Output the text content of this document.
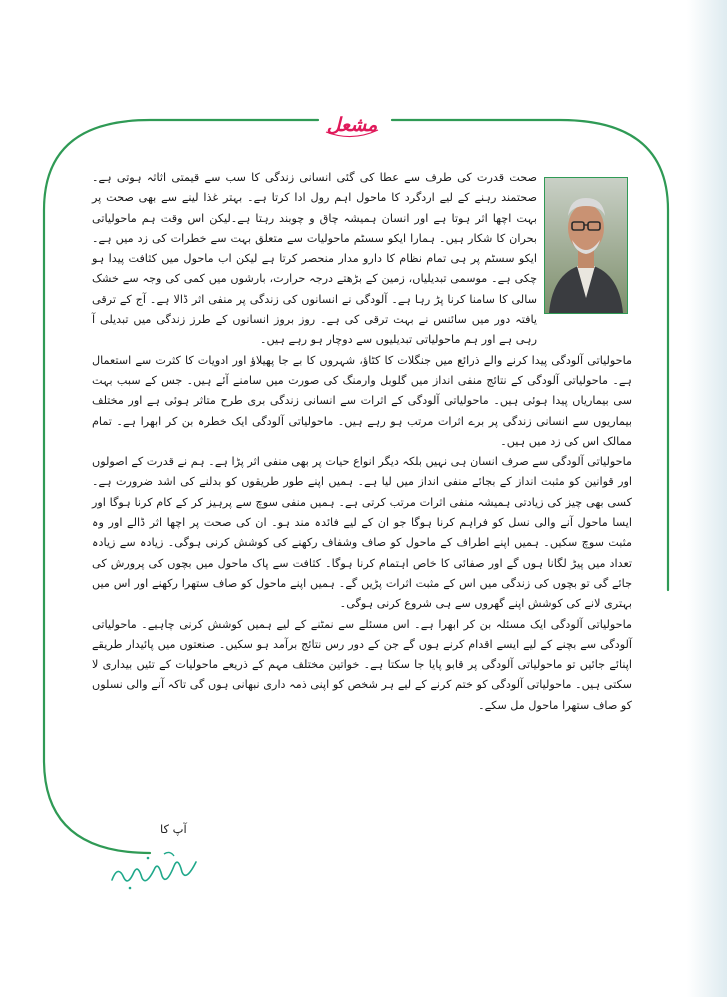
مشعل

صحت قدرت کی طرف سے عطا کی گئی انسانی زندگی کا سب سے قیمتی اثاثہ ہوتی ہے۔صحتمند رہنے کے لیے اردگرد کا ماحول اہم رول ادا کرتا ہے۔ بہتر غذا لینے سے بھی صحت پر بہت اچھا اثر ہوتا ہے اور انسان ہمیشہ چاق و چوبند رہتا ہے۔لیکن اس وقت ہم ماحولیاتی بحران کا شکار ہیں۔ ہمارا ایکو سسٹم ماحولیات سے متعلق بہت سے خطرات کی زد میں ہے۔ ایکو سسٹم پر ہی تمام نظام کا دارو مدار منحصر کرتا ہے لیکن اب ماحول میں کثافت پیدا ہو چکی ہے۔ موسمی تبدیلیاں، زمین کے بڑھتے درجہ حرارت، بارشوں میں کمی کی وجہ سے خشک سالی کا سامنا کرنا پڑ رہا ہے۔ آلودگی نے انسانوں کی زندگی پر منفی اثر ڈالا ہے۔ آج کے ترقی یافتہ دور میں سائنس نے بہت ترقی کی ہے۔ روز بروز انسانوں کے طرز زندگی میں تبدیلی آ رہی ہے اور ہم ماحولیاتی تبدیلیوں سے دوچار ہو رہے ہیں۔

ماحولیاتی آلودگی پیدا کرنے والے ذرائع میں جنگلات کا کٹاؤ، شہروں کا بے جا پھیلاؤ اور ادویات کا کثرت سے استعمال ہے۔ ماحولیاتی آلودگی کے نتائج منفی انداز میں گلوبل وارمنگ کی صورت میں سامنے آئے ہیں۔ جس کے سبب بہت سی بیماریاں پیدا ہوئی ہیں۔ ماحولیاتی آلودگی کے اثرات سے انسانی زندگی بری طرح متاثر ہوئی ہے اور مختلف بیماریوں سے انسانی زندگی پر برے اثرات مرتب ہو رہے ہیں۔ ماحولیاتی آلودگی ایک خطرہ بن کر ابھرا ہے۔ تمام ممالک اس کی زد میں ہیں۔

ماحولیاتی آلودگی سے صرف انسان ہی نہیں بلکہ دیگر انواع حیات پر بھی منفی اثر پڑا ہے۔ ہم نے قدرت کے اصولوں اور قوانین کو مثبت انداز کے بجائے منفی انداز میں لیا ہے۔ ہمیں اپنے طور طریقوں کو بدلنے کی اشد ضرورت ہے۔ کسی بھی چیز کی زیادتی ہمیشہ منفی اثرات مرتب کرتی ہے۔ ہمیں منفی سوچ سے پرہیز کر کے کام کرنا ہوگا اور ایسا ماحول آنے والی نسل کو فراہم کرنا ہوگا جو ان کے لیے فائدہ مند ہو۔ ان کی صحت پر اچھا اثر ڈالے اور وہ مثبت سوچ سکیں۔ ہمیں اپنے اطراف کے ماحول کو صاف وشفاف رکھنے کی کوشش کرنی ہوگی۔ زیادہ سے زیادہ تعداد میں پیڑ لگانا ہوں گے اور صفائی کا خاص اہتمام کرنا ہوگا۔ کثافت سے پاک ماحول میں بچوں کی پرورش کی جائے گی تو بچوں کی زندگی میں اس کے مثبت اثرات پڑیں گے۔ ہمیں اپنے ماحول کو صاف ستھرا رکھنے اور اس میں بہتری لانے کی کوشش اپنے گھروں سے ہی شروع کرنی ہوگی۔

ماحولیاتی آلودگی ایک مسئلہ بن کر ابھرا ہے۔ اس مسئلے سے نمٹنے کے لیے ہمیں کوشش کرنی چاہیے۔ ماحولیاتی آلودگی سے بچنے کے لیے ایسے اقدام کرنے ہوں گے جن کے دور رس نتائج برآمد ہو سکیں۔ صنعتوں میں پائیدار طریقے اپنائے جائیں تو ماحولیاتی آلودگی پر قابو پایا جا سکتا ہے۔ خواتین مختلف مہم کے ذریعے ماحولیات کے تئیں بیداری لا سکتی ہیں۔ ماحولیاتی آلودگی کو ختم کرنے کے لیے ہر شخص کو اپنی ذمہ داری نبھانی ہوں گی تاکہ آنے والی نسلوں کو صاف ستھرا ماحول مل سکے۔

آپ کا
